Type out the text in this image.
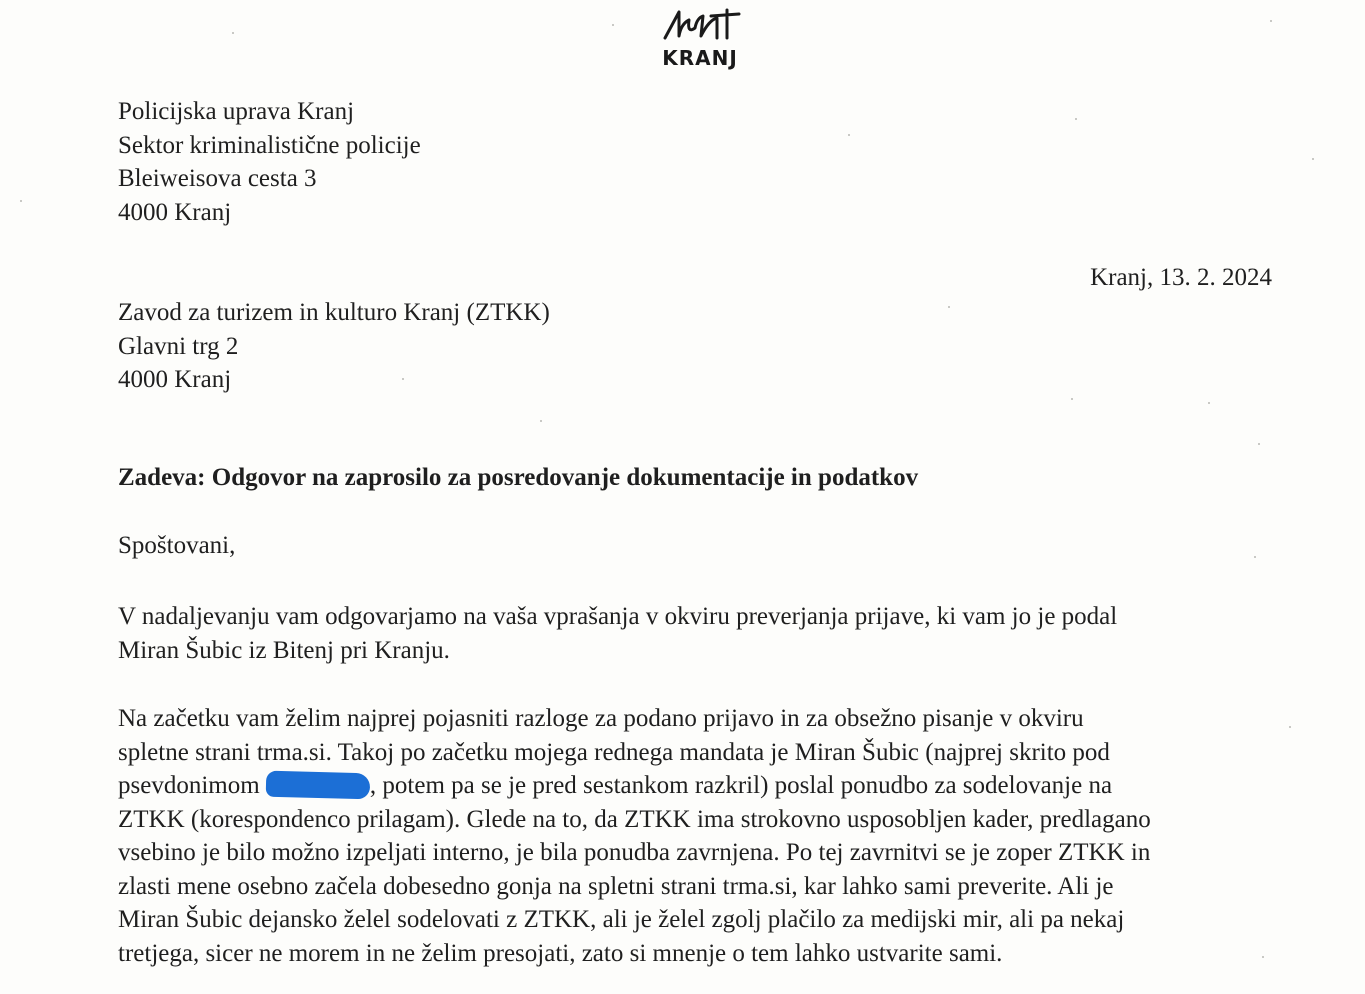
KRANJ
Policijska uprava Kranj
Sektor kriminalistične policije
Bleiweisova cesta 3
4000 Kranj
Kranj, 13. 2. 2024
Zavod za turizem in kulturo Kranj (ZTKK)
Glavni trg 2
4000 Kranj
Zadeva: Odgovor na zaprosilo za posredovanje dokumentacije in podatkov
Spoštovani,
V nadaljevanju vam odgovarjamo na vaša vprašanja v okviru preverjanja prijave, ki vam jo je podal
Miran Šubic iz Bitenj pri Kranju.
Na začetku vam želim najprej pojasniti razloge za podano prijavo in za obsežno pisanje v okviru
spletne strani trma.si. Takoj po začetku mojega rednega mandata je Miran Šubic (najprej skrito pod
psevdonimom	, potem pa se je pred sestankom razkril) poslal ponudbo za sodelovanje na
ZTKK (korespondenco prilagam). Glede na to, da ZTKK ima strokovno usposobljen kader, predlagano
vsebino je bilo možno izpeljati interno, je bila ponudba zavrnjena. Po tej zavrnitvi se je zoper ZTKK in
zlasti mene osebno začela dobesedno gonja na spletni strani trma.si, kar lahko sami preverite. Ali je
Miran Šubic dejansko želel sodelovati z ZTKK, ali je želel zgolj plačilo za medijski mir, ali pa nekaj
tretjega, sicer ne morem in ne želim presojati, zato si mnenje o tem lahko ustvarite sami.
